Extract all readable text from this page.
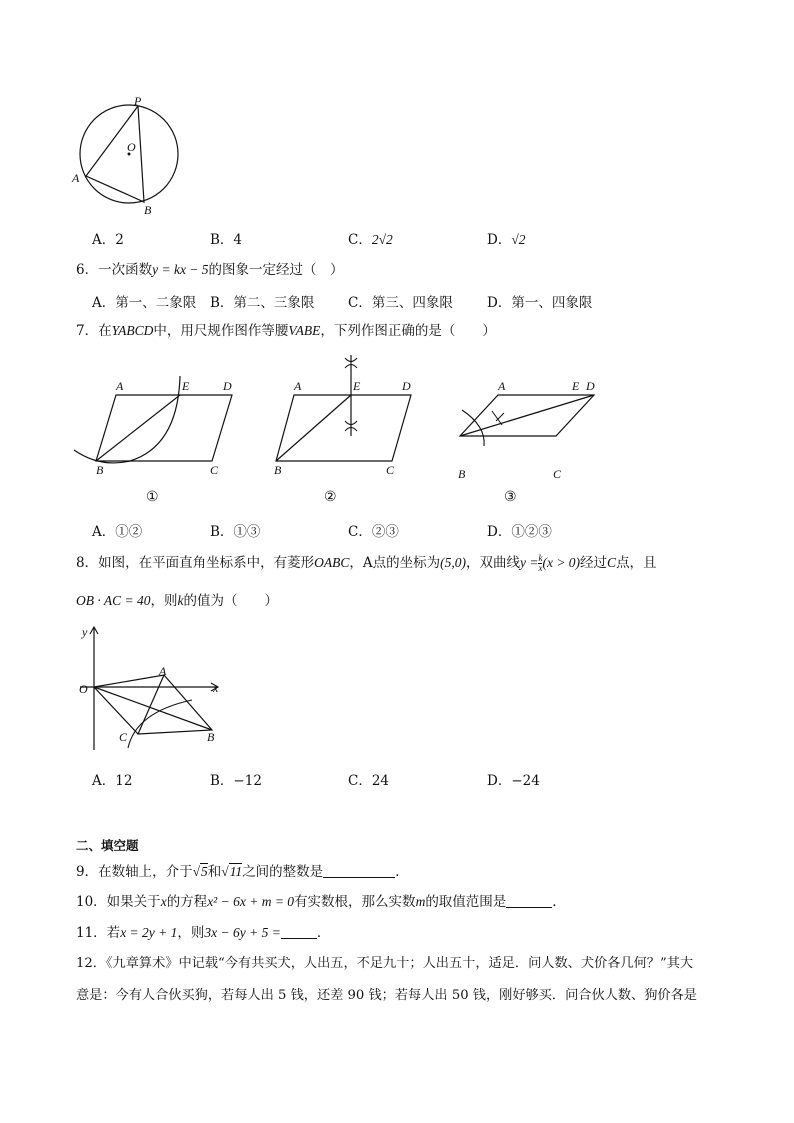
P
O
A
B
A．2	B．4	C．2√2	D．√2
6．一次函数y = kx − 5的图象一定经过（　）
A．第一、二象限 B．第二、三象限 C．第三、四象限	D．第一、四象限
7．在YABCD中，用尺规作图作等腰VABE，下列作图正确的是（　　）
A	E	D
B	C
A	E	D
B	C
A	E D
B	C
①	②	③
A．①②	B．①③	C．②③	D．①②③
8．如图，在平面直角坐标系中，有菱形OABC，A点的坐标为(5,0)，双曲线$y = \frac{k}{x} (x > 0)$经过C点，且
OB · AC = 40，则k的值为（　　）
y
x
O
A
B
C
A．12	B．−12	C．24	D．−24
二、填空题
9．在数轴上，介于√5和√11之间的整数是	．
10．如果关于x的方程x² − 6x + m = 0有实数根，那么实数m的取值范围是	．
11．若x = 2y + 1，则3x − 6y + 5 =	．
12．《九章算术》中记载“今有共买犬，人出五，不足九十；人出五十，适足．问人数、犬价各几何？”其大
意是：今有人合伙买狗，若每人出 5 钱，还差 90 钱；若每人出 50 钱，刚好够买．问合伙人数、狗价各是
